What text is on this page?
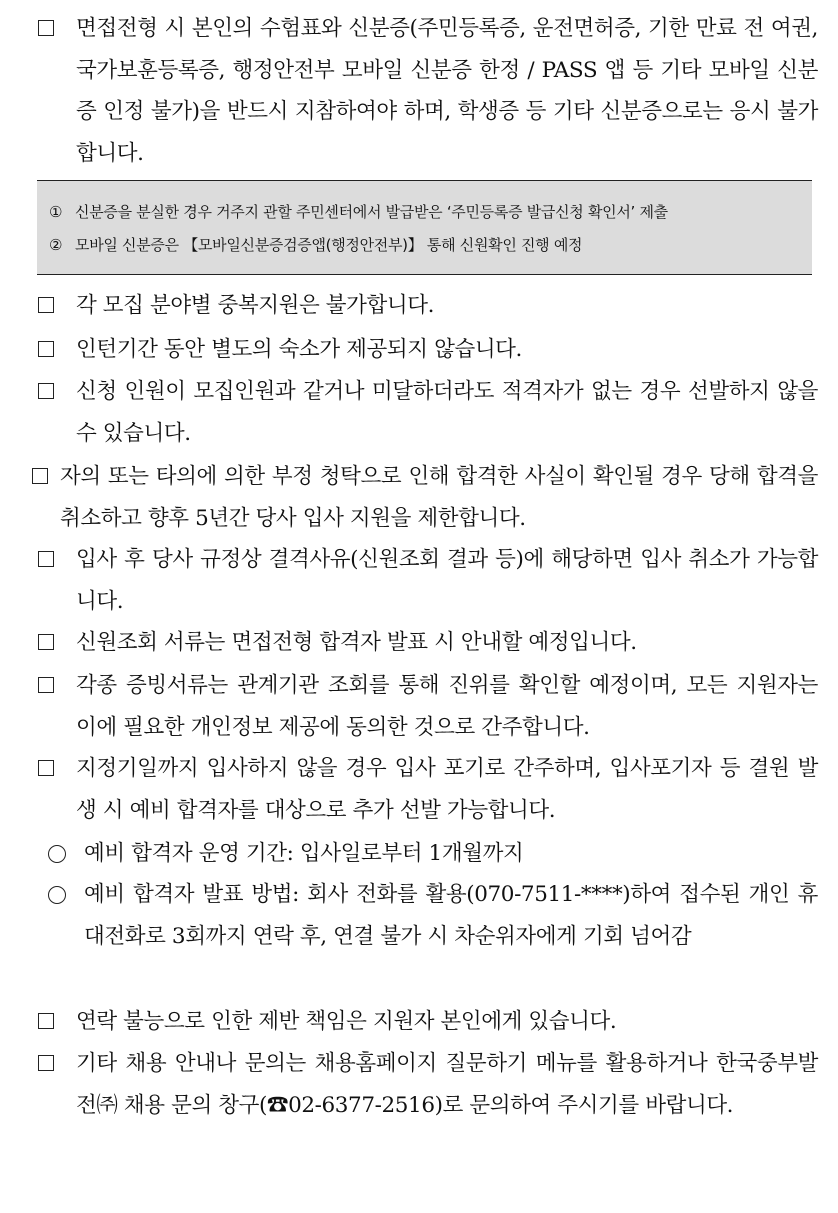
면접전형 시 본인의 수험표와 신분증(주민등록증, 운전면허증, 기한 만료 전 여권, 국가보훈등록증, 행정안전부 모바일 신분증 한정 / PASS 앱 등 기타 모바일 신분증 인정 불가)을 반드시 지참하여야 하며, 학생증 등 기타 신분증으로는 응시 불가합니다.
① 신분증을 분실한 경우 거주지 관할 주민센터에서 발급받은 ‘주민등록증 발급신청 확인서’ 제출
② 모바일 신분증은 【모바일신분증검증앱(행정안전부)】 통해 신원확인 진행 예정
각 모집 분야별 중복지원은 불가합니다.
인턴기간 동안 별도의 숙소가 제공되지 않습니다.
신청 인원이 모집인원과 같거나 미달하더라도 적격자가 없는 경우 선발하지 않을 수 있습니다.
자의 또는 타의에 의한 부정 청탁으로 인해 합격한 사실이 확인될 경우 당해 합격을 취소하고 향후 5년간 당사 입사 지원을 제한합니다.
입사 후 당사 규정상 결격사유(신원조회 결과 등)에 해당하면 입사 취소가 가능합니다.
신원조회 서류는 면접전형 합격자 발표 시 안내할 예정입니다.
각종 증빙서류는 관계기관 조회를 통해 진위를 확인할 예정이며, 모든 지원자는 이에 필요한 개인정보 제공에 동의한 것으로 간주합니다.
지정기일까지 입사하지 않을 경우 입사 포기로 간주하며, 입사포기자 등 결원 발생 시 예비 합격자를 대상으로 추가 선발 가능합니다.
예비 합격자 운영 기간: 입사일로부터 1개월까지
예비 합격자 발표 방법: 회사 전화를 활용(070-7511-****)하여 접수된 개인 휴대전화로 3회까지 연락 후, 연결 불가 시 차순위자에게 기회 넘어감
연락 불능으로 인한 제반 책임은 지원자 본인에게 있습니다.
기타 채용 안내나 문의는 채용홈페이지 질문하기 메뉴를 활용하거나 한국중부발전㈜ 채용 문의 창구(☎02-6377-2516)로 문의하여 주시기를 바랍니다.
